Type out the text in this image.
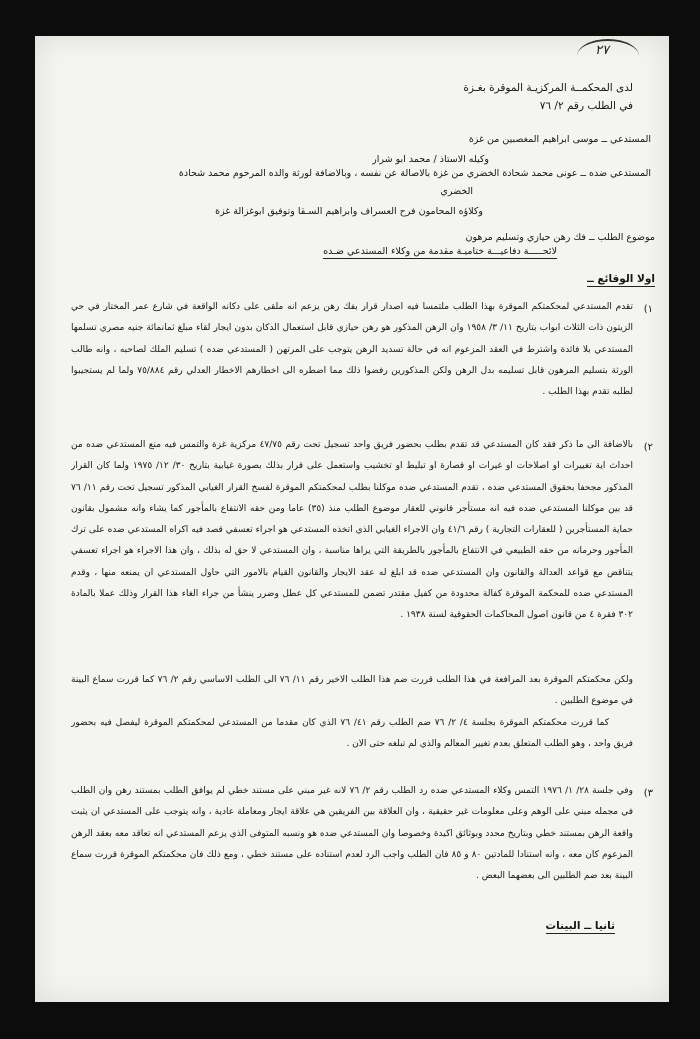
٢٧

لدى المحكمــة المركزيـة الموقرة بغـزة

في الطلب رقم ٢/ ٧٦

المستدعي ــ موسى ابراهيم المغصبين من غزة

وكيله الاستاذ / محمد ابو شرار

المستدعي ضده ــ عونى محمد شحادة الخضري من غزة بالاصالة عن نفسه ، وبالاضافة لورثة والده المرحوم محمد شحادة

الخضري

وكلاؤه المحامون فرح العسراف وابراهيم السـقا وتوفيق ابوغزالة غزة

موضوع الطلب ــ فك رهن حيازي وتسليم مرهون

لائحـــــة دفاعيـــة ختاميـة مقدمة من وكلاء المستدعي ضـده

اولا الوقائع ــ

١)

تقدم المستدعي لمحكمتكم الموقرة بهذا الطلب ملتمسا فيه اصدار قرار بفك رهن يزعم انه ملقى على دكانه الواقعة في شارع عمر المختار في حي الزيتون ذات الثلاث ابواب بتاريخ ١١/ ٣/ ١٩٥٨ وان الرهن المذكور هو رهن حيازي قابل استعمال الدكان بدون ايجار لقاء مبلغ ثمانمائة جنيه مصري تسلمها المستدعي بلا فائدة واشترط في العقد المزعوم انه في حالة تسديد الرهن يتوجب على المرتهن ( المستدعي ضده ) تسليم الملك لصاحبه ، وانه طالب الورثة بتسليم المرهون قابل تسليمه بدل الرهن ولكن المذكورين رفضوا ذلك مما اضطره الى اخطارهم الاخطار العدلي رقم ٧٥/٨٨٤ ولما لم يستجيبوا لطلبه تقدم بهذا الطلب .

٢)

بالاضافة الى ما ذكر فقد كان المستدعي قد تقدم بطلب بحضور فريق واحد تسجيل تحت رقم ٤٧/٧٥ مركزية غزة والتمس فيه منع المستدعي ضده من احداث اية تغييرات او اصلاحات او غيرات او قصارة او تبليط او تخشيب واستعمل على قرار بذلك بصورة غيابية بتاريخ ٣٠/ ١٢/ ١٩٧٥ ولما كان القرار المذكور مجحفا بحقوق المستدعي ضده ، تقدم المستدعي ضده موكلنا بطلب لمحكمتكم الموقرة لفسخ القرار الغيابي المذكور تسجيل تحت رقم ١١/ ٧٦ قد بين موكلنا المستدعي ضده فيه انه مستأجر قانوني للعقار موضوع الطلب منذ (٣٥) عاما ومن حقه الانتفاع بالمأجور كما يشاء وانه مشمول بقانون حماية المستأجرين ( للعقارات التجارية ) رقم ٤١/٦ وان الاجراء الغيابي الذي اتخذه المستدعي هو اجراء تعسفي قصد فيه اكراه المستدعي ضده على ترك المأجور وحرمانه من حقه الطبيعي في الانتفاع بالمأجور بالطريقة التي يراها مناسبة ، وان المستدعي لا حق له بذلك ، وان هذا الاجراء هو اجراء تعسفي يتناقض مع قواعد العدالة والقانون وان المستدعي ضده قد ابلغ له عقد الايجار والقانون القيام بالامور التي حاول المستدعي ان يمنعه منها ، وقدم المستدعي ضده للمحكمة الموقرة كفالة محدودة من كفيل مقتدر تضمن للمستدعي كل عطل وضرر ينشأ من جراء الغاء هذا القرار وذلك عملا بالمادة ٣٠٢ فقرة ٤ من قانون اصول المحاكمات الحقوقية لسنة ١٩٣٨ .

ولكن محكمتكم الموقرة بعد المرافعة في هذا الطلب قررت ضم هذا الطلب الاخير رقم ١١/ ٧٦ الى الطلب الاساسي رقم ٢/ ٧٦ كما قررت سماع البينة في موضوع الطلبين .

كما قررت محكمتكم الموقرة بجلسة ٤/ ٢/ ٧٦ ضم الطلب رقم ٤١/ ٧٦ الذي كان مقدما من المستدعي لمحكمتكم الموقرة ليفصل فيه بحضور فريق واحد ، وهو الطلب المتعلق بعدم تغيير المعالم والذي لم تبلغه حتى الان .

٣)

وفي جلسة ٢٨/ ١/ ١٩٧٦ التمس وكلاء المستدعي ضده رد الطلب رقم ٢/ ٧٦ لانه غير مبني على مستند خطي لم يوافق الطلب بمستند رهن وان الطلب في مجمله مبني على الوهم وعلى معلومات غير حقيقية ، وان العلاقة بين الفريقين هي علاقة ايجار ومعاملة عادية ، وانه يتوجب على المستدعي ان يثبت واقعة الرهن بمستند خطي وبتاريخ محدد وبوثائق اكيدة وخصوصا وان المستدعي ضده هو ونسبه المتوفى الذي يزعم المستدعي انه تعاقد معه بعقد الرهن المزعوم كان معه ، وانه استنادا للمادتين ٨٠ و ٨٥ فان الطلب واجب الرد لعدم استناده على مستند خطي ، ومع ذلك فان محكمتكم الموقرة قررت سماع البينة بعد ضم الطلبين الى بعضهما البعض .

ثانيا ــ البينات
